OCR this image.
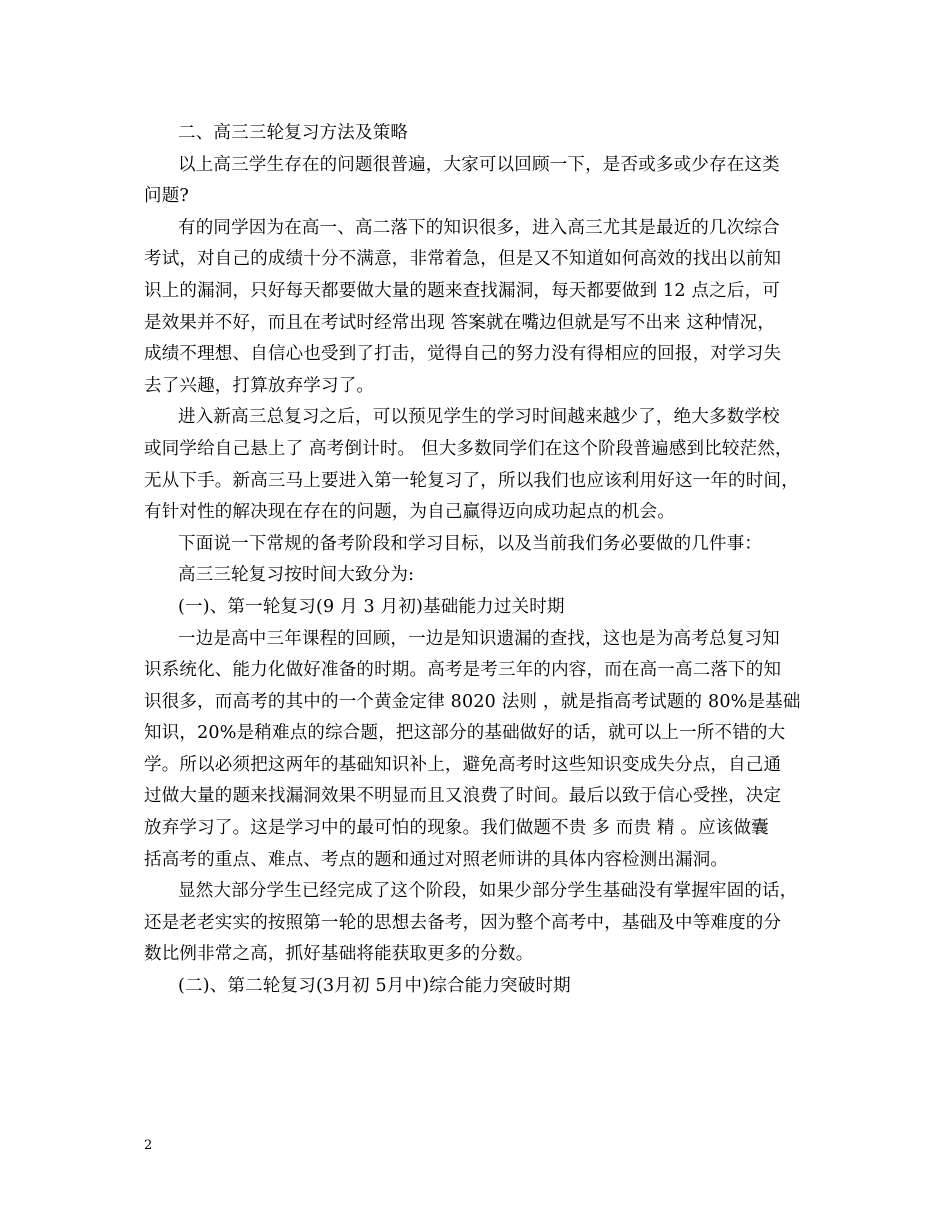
二、高三三轮复习方法及策略

以上高三学生存在的问题很普遍，大家可以回顾一下，是否或多或少存在这类
问题?

有的同学因为在高一、高二落下的知识很多，进入高三尤其是最近的几次综合
考试，对自己的成绩十分不满意，非常着急，但是又不知道如何高效的找出以前知
识上的漏洞，只好每天都要做大量的题来查找漏洞，每天都要做到 12 点之后，可
是效果并不好，而且在考试时经常出现 答案就在嘴边但就是写不出来 这种情况，
成绩不理想、自信心也受到了打击，觉得自己的努力没有得相应的回报，对学习失
去了兴趣，打算放弃学习了。

进入新高三总复习之后，可以预见学生的学习时间越来越少了，绝大多数学校
或同学给自己悬上了 高考倒计时。 但大多数同学们在这个阶段普遍感到比较茫然，
无从下手。新高三马上要进入第一轮复习了，所以我们也应该利用好这一年的时间，
有针对性的解决现在存在的问题，为自己赢得迈向成功起点的机会。

下面说一下常规的备考阶段和学习目标，以及当前我们务必要做的几件事：

高三三轮复习按时间大致分为:

(一)、第一轮复习(9 月 3 月初)基础能力过关时期

一边是高中三年课程的回顾，一边是知识遗漏的查找，这也是为高考总复习知
识系统化、能力化做好准备的时期。高考是考三年的内容，而在高一高二落下的知
识很多，而高考的其中的一个黄金定律 8020 法则 ，就是指高考试题的 80%是基础
知识，20%是稍难点的综合题，把这部分的基础做好的话，就可以上一所不错的大
学。所以必须把这两年的基础知识补上，避免高考时这些知识变成失分点，自己通
过做大量的题来找漏洞效果不明显而且又浪费了时间。最后以致于信心受挫，决定
放弃学习了。这是学习中的最可怕的现象。我们做题不贵 多 而贵 精 。应该做囊
括高考的重点、难点、考点的题和通过对照老师讲的具体内容检测出漏洞。

显然大部分学生已经完成了这个阶段，如果少部分学生基础没有掌握牢固的话，
还是老老实实的按照第一轮的思想去备考，因为整个高考中，基础及中等难度的分
数比例非常之高，抓好基础将能获取更多的分数。

(二)、第二轮复习(3月初 5月中)综合能力突破时期

2
